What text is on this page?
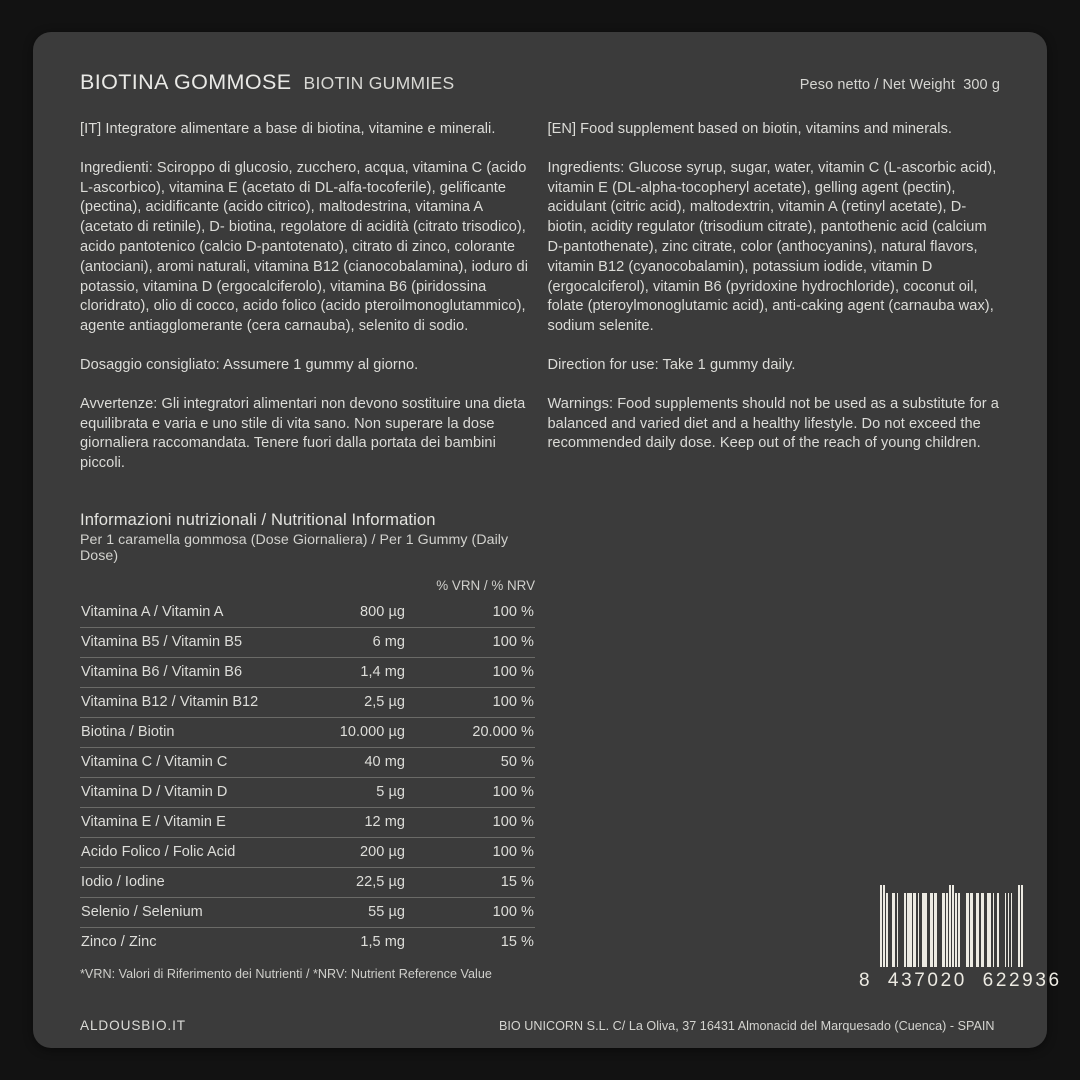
BIOTINA GOMMOSE BIOTIN GUMMIES	Peso netto / Net Weight  300 g

[IT] Integratore alimentare a base di biotina, vitamine e minerali.

Ingredienti: Sciroppo di glucosio, zucchero, acqua, vitamina C (acido L-ascorbico), vitamina E (acetato di DL-alfa-tocoferile), gelificante (pectina), acidificante (acido citrico), maltodestrina, vitamina A (acetato di retinile), D- biotina, regolatore di acidità (citrato trisodico), acido pantotenico (calcio D-pantotenato), citrato di zinco, colorante (antociani), aromi naturali, vitamina B12 (cianocobalamina), ioduro di potassio, vitamina D (ergocalciferolo), vitamina B6 (piridossina cloridrato), olio di cocco, acido folico (acido pteroilmonoglutammico), agente antiagglomerante (cera carnauba), selenito di sodio.

Dosaggio consigliato: Assumere 1 gummy al giorno.

Avvertenze: Gli integratori alimentari non devono sostituire una dieta equilibrata e varia e uno stile di vita sano. Non superare la dose giornaliera raccomandata. Tenere fuori dalla portata dei bambini piccoli.

[EN] Food supplement based on biotin, vitamins and minerals.

Ingredients: Glucose syrup, sugar, water, vitamin C (L-ascorbic acid), vitamin E (DL-alpha-tocopheryl acetate), gelling agent (pectin), acidulant (citric acid), maltodextrin, vitamin A (retinyl acetate), D-biotin, acidity regulator (trisodium citrate), pantothenic acid (calcium D-pantothenate), zinc citrate, color (anthocyanins), natural flavors, vitamin B12 (cyanocobalamin), potassium iodide, vitamin D (ergocalciferol), vitamin B6 (pyridoxine hydrochloride), coconut oil, folate (pteroylmonoglutamic acid), anti-caking agent (carnauba wax), sodium selenite.

Direction for use: Take 1 gummy daily.

Warnings: Food supplements should not be used as a substitute for a balanced and varied diet and a healthy lifestyle. Do not exceed the recommended daily dose. Keep out of the reach of young children.

Informazioni nutrizionali / Nutritional Information
Per 1 caramella gommosa (Dose Giornaliera) / Per 1 Gummy (Daily Dose)
		% VRN / % NRV
Vitamina A / Vitamin A	800 µg	100 %
Vitamina B5 / Vitamin B5	6 mg	100 %
Vitamina B6 / Vitamin B6	1,4 mg	100 %
Vitamina B12 / Vitamin B12	2,5 µg	100 %
Biotina / Biotin	10.000 µg	20.000 %
Vitamina C / Vitamin C	40 mg	50 %
Vitamina D / Vitamin D	5 µg	100 %
Vitamina E / Vitamin E	12 mg	100 %
Acido Folico / Folic Acid	200 µg	100 %
Iodio / Iodine	22,5 µg	15 %
Selenio / Selenium	55 µg	100 %
Zinco / Zinc	1,5 mg	15 %
*VRN: Valori di Riferimento dei Nutrienti / *NRV: Nutrient Reference Value	8  437020  622936
ALDOUSBIO.IT	BIO UNICORN S.L. C/ La Oliva, 37 16431 Almonacid del Marquesado (Cuenca) - SPAIN
